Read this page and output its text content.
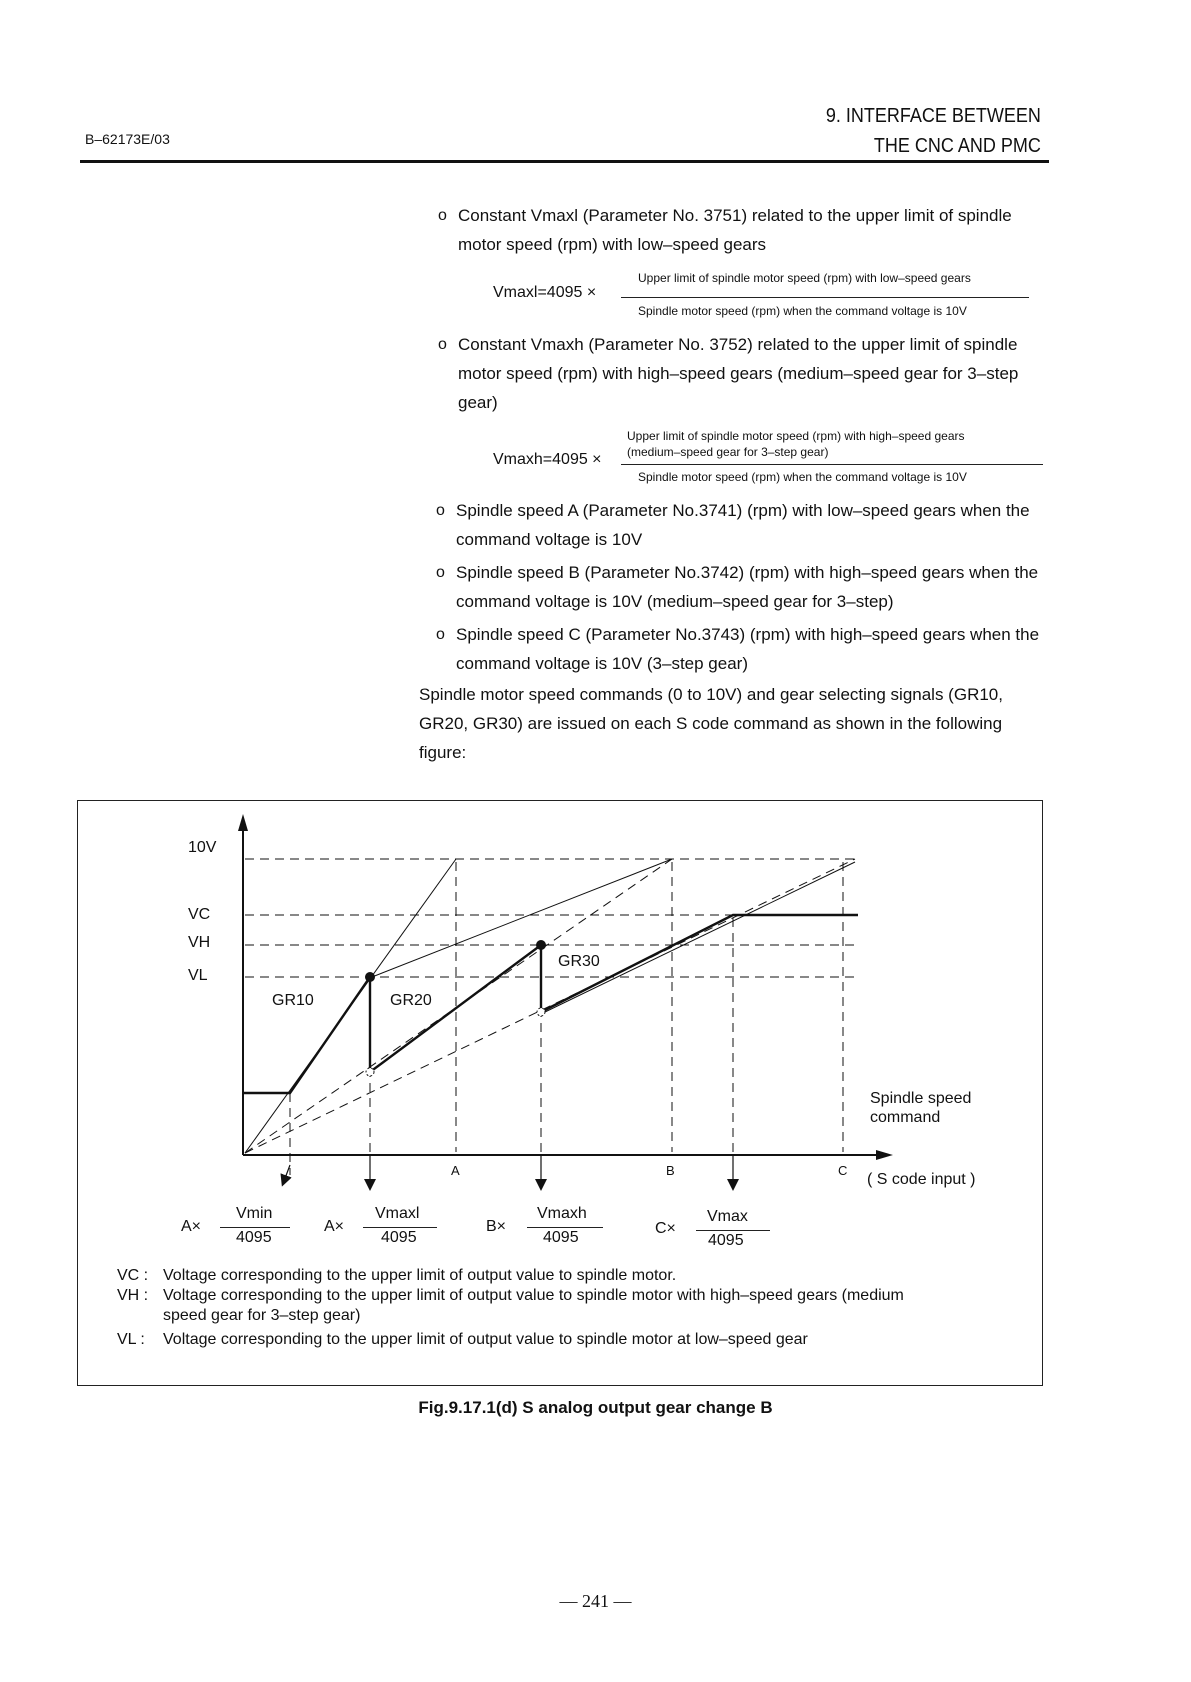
B–62173E/03
9. INTERFACE BETWEEN
THE CNC AND PMC
o Constant Vmaxl (Parameter No. 3751) related to the upper limit of spindle
motor speed (rpm) with low–speed gears
Vmaxl=4095 ×
Upper limit of spindle motor speed (rpm) with low–speed gears
Spindle motor speed (rpm) when the command voltage is 10V
o Constant Vmaxh (Parameter No. 3752) related to the upper limit of spindle
motor speed (rpm) with high–speed gears (medium–speed gear for 3–step
gear)
Vmaxh=4095 ×
Upper limit of spindle motor speed (rpm) with high–speed gears
(medium–speed gear for 3–step gear)
Spindle motor speed (rpm) when the command voltage is 10V
o Spindle speed A (Parameter No.3741) (rpm) with low–speed gears when the
command voltage is 10V
o Spindle speed B (Parameter No.3742) (rpm) with high–speed gears when the
command voltage is 10V (medium–speed gear for 3–step)
o Spindle speed C (Parameter No.3743) (rpm) with high–speed gears when the
command voltage is 10V (3–step gear)
Spindle motor speed commands (0 to 10V) and gear selecting signals (GR10,
GR20, GR30) are issued on each S code command as shown in the following
figure:
10V
VC
VH
VL
GR10	GR20
GR30
A	B	C
Spindle speed
command
( S code input )
A×
Vmin
4095
A×
Vmaxl
4095
B×
Vmaxh
4095
C×
Vmax
4095
VC : Voltage corresponding to the upper limit of output value to spindle motor.
VH : Voltage corresponding to the upper limit of output value to spindle motor with high–speed gears (medium
speed gear for 3–step gear)
VL : Voltage corresponding to the upper limit of output value to spindle motor at low–speed gear
Fig.9.17.1(d) S analog output gear change B
— 241 —
